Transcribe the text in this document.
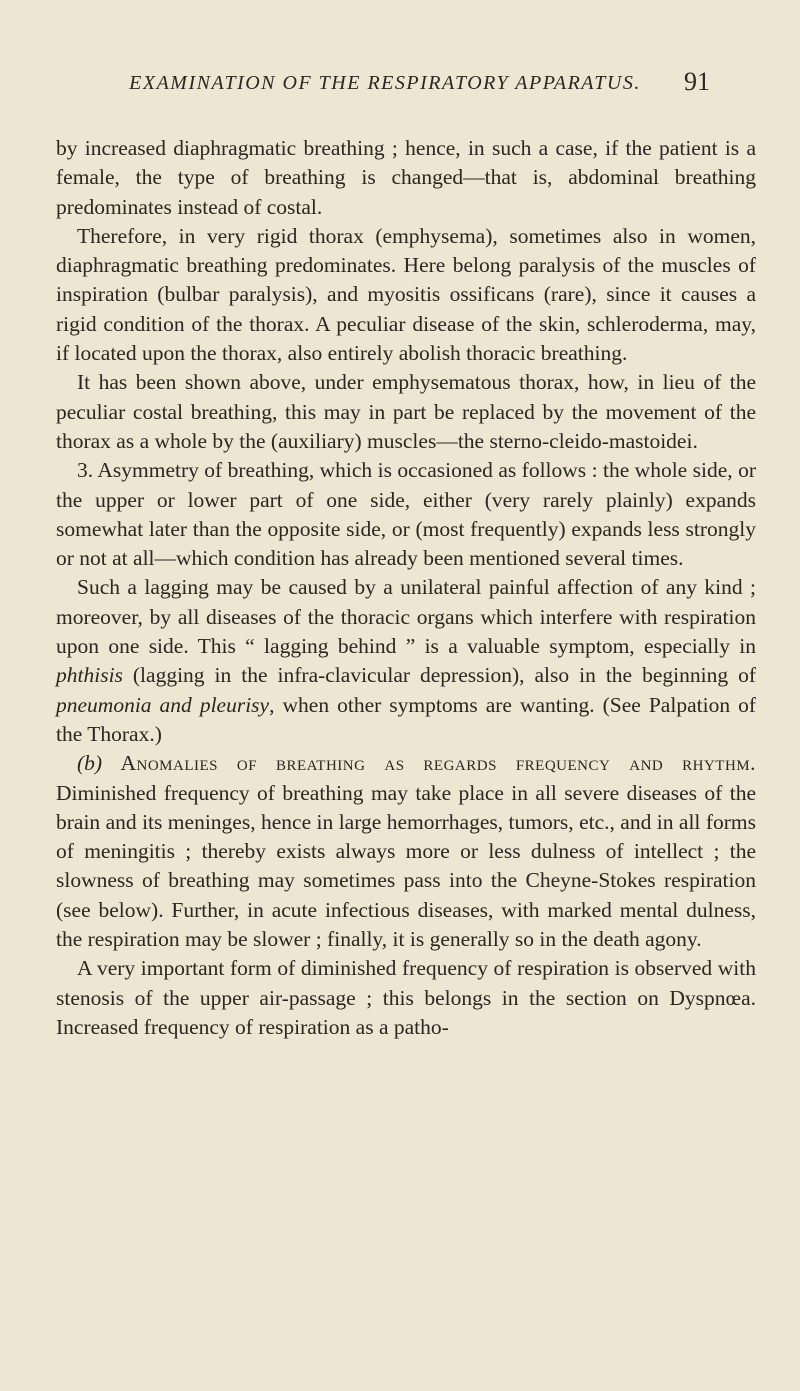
EXAMINATION OF THE RESPIRATORY APPARATUS.	91

by increased diaphragmatic breathing ; hence, in such a case, if the patient is a female, the type of breathing is changed—that is, abdominal breathing predominates instead of costal.

Therefore, in very rigid thorax (emphysema), sometimes also in women, diaphragmatic breathing predominates. Here belong paralysis of the muscles of inspiration (bulbar paralysis), and myositis ossificans (rare), since it causes a rigid condition of the thorax. A peculiar disease of the skin, schleroderma, may, if located upon the thorax, also entirely abolish thoracic breathing.

It has been shown above, under emphysematous thorax, how, in lieu of the peculiar costal breathing, this may in part be replaced by the movement of the thorax as a whole by the (auxiliary) muscles—the sterno-cleido-mastoidei.

3. Asymmetry of breathing, which is occasioned as follows : the whole side, or the upper or lower part of one side, either (very rarely plainly) expands somewhat later than the opposite side, or (most frequently) expands less strongly or not at all—which condition has already been mentioned several times.

Such a lagging may be caused by a unilateral painful affection of any kind ; moreover, by all diseases of the thoracic organs which interfere with respiration upon one side. This “ lagging behind ” is a valuable symptom, especially in phthisis (lagging in the infra-clavicular depression), also in the beginning of pneumonia and pleurisy, when other symptoms are wanting. (See Palpation of the Thorax.)

(b) Anomalies of breathing as regards frequency and rhythm. Diminished frequency of breathing may take place in all severe diseases of the brain and its meninges, hence in large hemorrhages, tumors, etc., and in all forms of meningitis ; thereby exists always more or less dulness of intellect ; the slowness of breathing may sometimes pass into the Cheyne-Stokes respiration (see below). Further, in acute infectious diseases, with marked mental dulness, the respiration may be slower ; finally, it is generally so in the death agony.

A very important form of diminished frequency of respiration is observed with stenosis of the upper air-passage ; this belongs in the section on Dyspnœa. Increased frequency of respiration as a patho-
